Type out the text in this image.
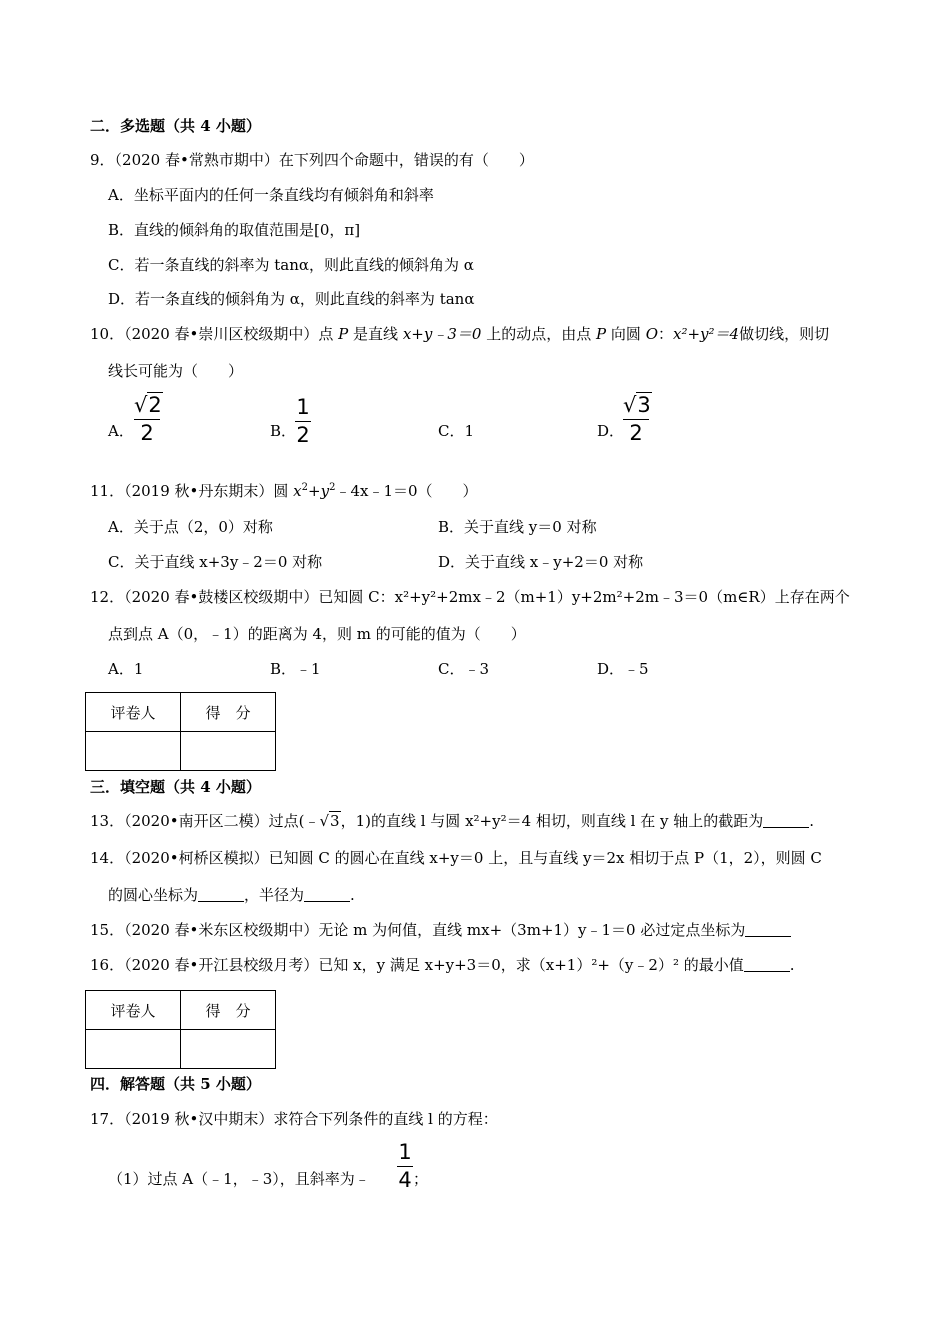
二．多选题（共 4 小题）
9．（2020 春•常熟市期中）在下列四个命题中，错误的有（　　）
A．坐标平面内的任何一条直线均有倾斜角和斜率
B．直线的倾斜角的取值范围是[0，π]
C．若一条直线的斜率为 tanα，则此直线的倾斜角为 α
D．若一条直线的倾斜角为 α，则此直线的斜率为 tanα
10．（2020 春•崇川区校级期中）点 P 是直线 x+y﹣3＝0 上的动点，由点 P 向圆 O：x²+y²＝4做切线，则切
线长可能为（　　）
A．
√2
2	B．
1
2	C．1	D．
√3
2
11．（2019 秋•丹东期末）圆 $x^2+y^2﹣4x﹣1=0$（　　）
A．关于点（2，0）对称	B．关于直线 y＝0 对称
C．关于直线 x+3y﹣2＝0 对称	D．关于直线 x﹣y+2＝0 对称
12．（2020 春•鼓楼区校级期中）已知圆 C：x²+y²+2mx﹣2（m+1）y+2m²+2m﹣3＝0（m∈R）上存在两个
点到点 A（0，﹣1）的距离为 4，则 m 的可能的值为（　　）
A．1	B．﹣1	C．﹣3	D．﹣5
评卷人	得　分

三．填空题（共 4 小题）
13．（2020•南开区二模）过点(﹣√3，1)的直线 l 与圆 x²+y²＝4 相切，则直线 l 在 y 轴上的截距为	.
14．（2020•柯桥区模拟）已知圆 C 的圆心在直线 x+y＝0 上，且与直线 y＝2x 相切于点 P（1，2），则圆 C
的圆心坐标为	，半径为	.
15．（2020 春•米东区校级期中）无论 m 为何值，直线 mx+（3m+1）y﹣1＝0 必过定点坐标为
16．（2020 春•开江县校级月考）已知 x，y 满足 x+y+3＝0，求（x+1）²+（y﹣2）² 的最小值	.
评卷人	得　分

四．解答题（共 5 小题）
17．（2019 秋•汉中期末）求符合下列条件的直线 l 的方程：
（1）过点 A（﹣1，﹣3），且斜率为﹣
1
4 ；
